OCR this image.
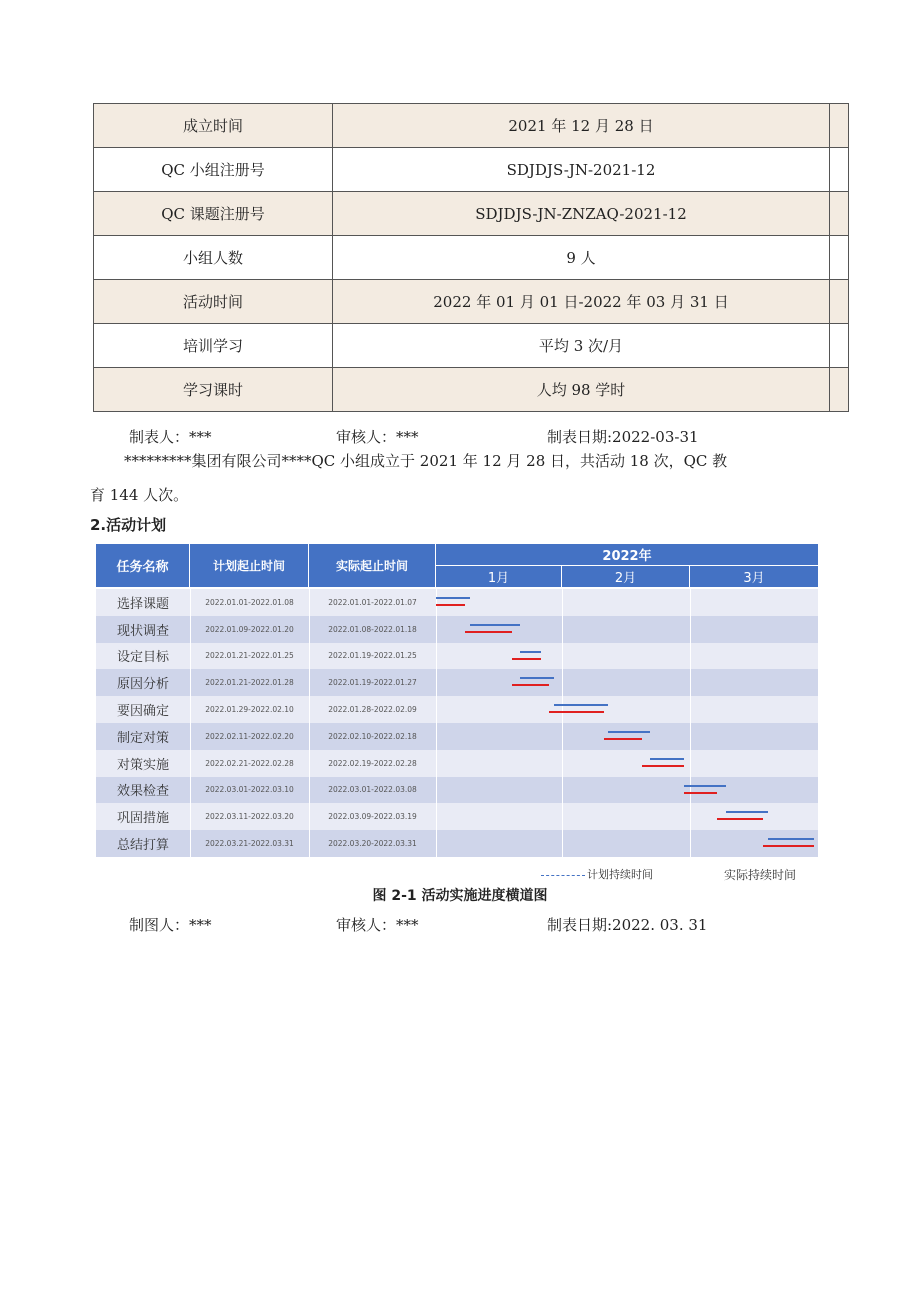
成立时间	2021 年 12 月 28 日	
QC 小组注册号	SDJDJS-JN-2021-12	
QC 课题注册号	SDJDJS-JN-ZNZAQ-2021-12	
小组人数	9 人	
活动时间	2022 年 01 月 01 日-2022 年 03 月 31 日	
培训学习	平均 3 次/月	
学习课时	人均 98 学时	
制表人：***	审核人：***	制表日期:2022-03-31
*********集团有限公司****QC 小组成立于 2021 年 12 月 28 日，共活动 18 次，QC 教
育 144 人次。
2.活动计划
任务名称	计划起止时间	实际起止时间
2022年
1月	2月	3月
选择课题	2022.01.01-2022.01.08	2022.01.01-2022.01.07
现状调查	2022.01.09-2022.01.20	2022.01.08-2022.01.18
设定目标	2022.01.21-2022.01.25	2022.01.19-2022.01.25
原因分析	2022.01.21-2022.01.28	2022.01.19-2022.01.27
要因确定	2022.01.29-2022.02.10	2022.01.28-2022.02.09
制定对策	2022.02.11-2022.02.20	2022.02.10-2022.02.18
对策实施	2022.02.21-2022.02.28	2022.02.19-2022.02.28
效果检查	2022.03.01-2022.03.10	2022.03.01-2022.03.08
巩固措施	2022.03.11-2022.03.20	2022.03.09-2022.03.19
总结打算	2022.03.21-2022.03.31	2022.03.20-2022.03.31
计划持续时间	实际持续时间
图 2-1 活动实施进度横道图
制图人：***	审核人：***	制表日期:2022. 03. 31
